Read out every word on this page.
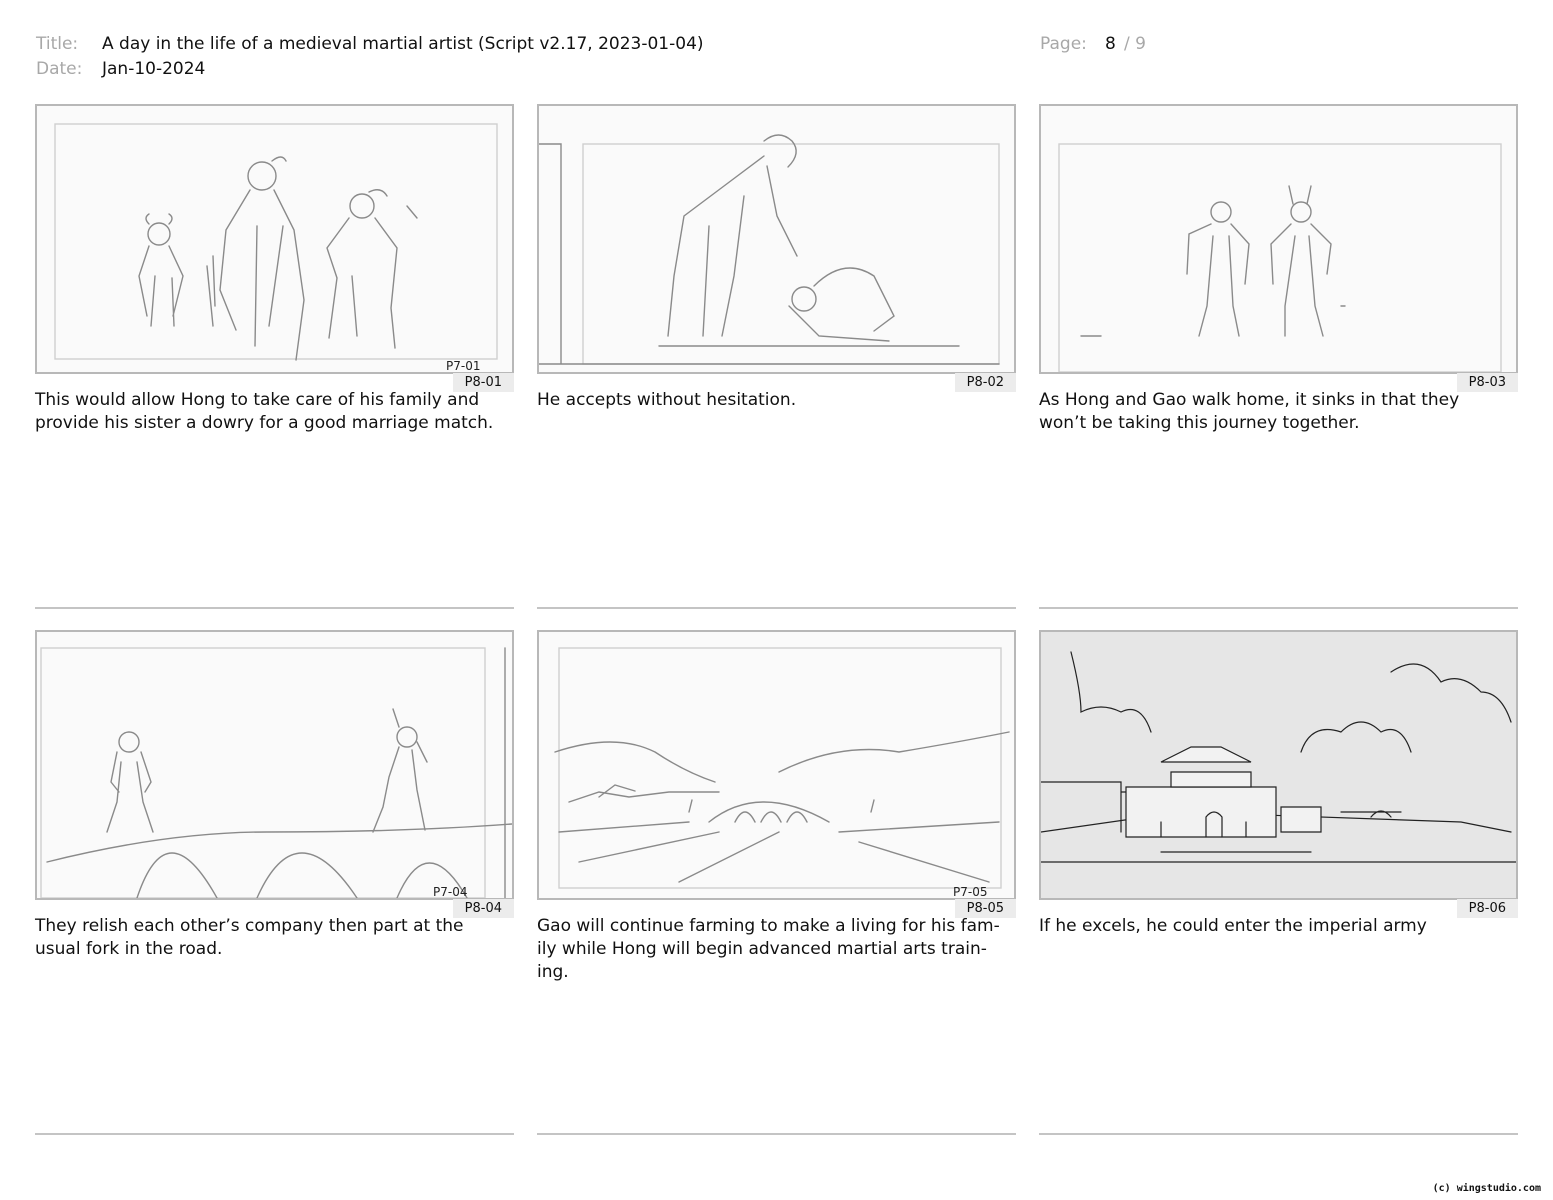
Title: A day in the life of a medieval martial artist (Script v2.17, 2023-01-04)
Date: Jan-10-2024
Page: 8 / 9
P7-01
P8-01
This would allow Hong to take care of his family and
provide his sister a dowry for a good marriage match.
P8-02
He accepts without hesitation.
P8-03
As Hong and Gao walk home, it sinks in that they
won’t be taking this journey together.
P7-04
P8-04
They relish each other’s company then part at the
usual fork in the road.
P7-05
P8-05
Gao will continue farming to make a living for his fam-
ily while Hong will begin advanced martial arts train-
ing.
P8-06
If he excels, he could enter the imperial army
(c) wingstudio.com
